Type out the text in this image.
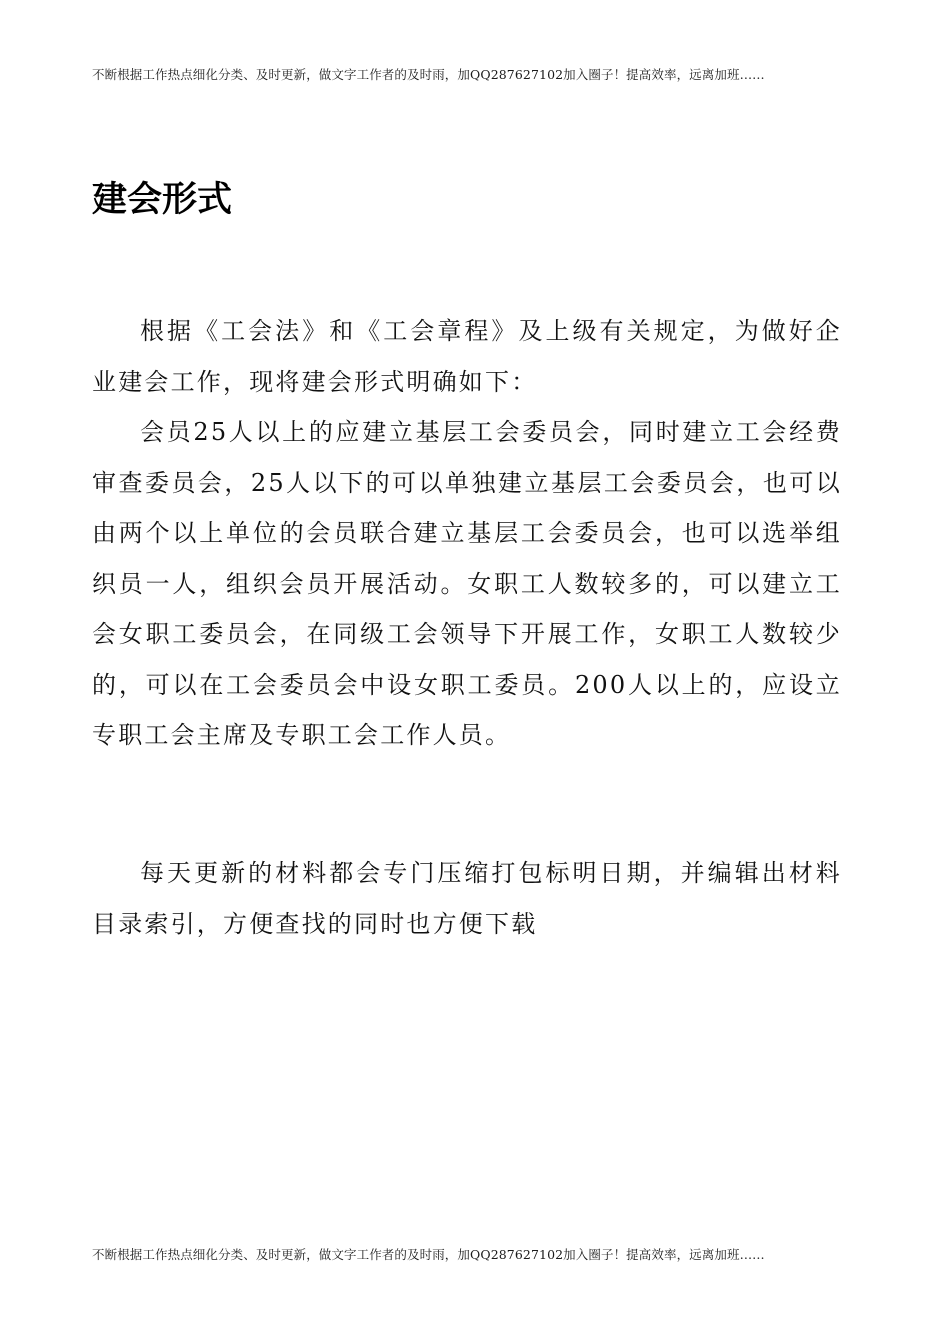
不断根据工作热点细化分类、及时更新，做文字工作者的及时雨，加QQ287627102加入圈子！提高效率，远离加班……
建会形式

根据《工会法》和《工会章程》及上级有关规定，为做好企业建会工作，现将建会形式明确如下：

会员25人以上的应建立基层工会委员会，同时建立工会经费审查委员会，25人以下的可以单独建立基层工会委员会，也可以由两个以上单位的会员联合建立基层工会委员会，也可以选举组织员一人，组织会员开展活动。女职工人数较多的，可以建立工会女职工委员会，在同级工会领导下开展工作，女职工人数较少的，可以在工会委员会中设女职工委员。200人以上的，应设立专职工会主席及专职工会工作人员。

每天更新的材料都会专门压缩打包标明日期，并编辑出材料目录索引，方便查找的同时也方便下载

不断根据工作热点细化分类、及时更新，做文字工作者的及时雨，加QQ287627102加入圈子！提高效率，远离加班……
